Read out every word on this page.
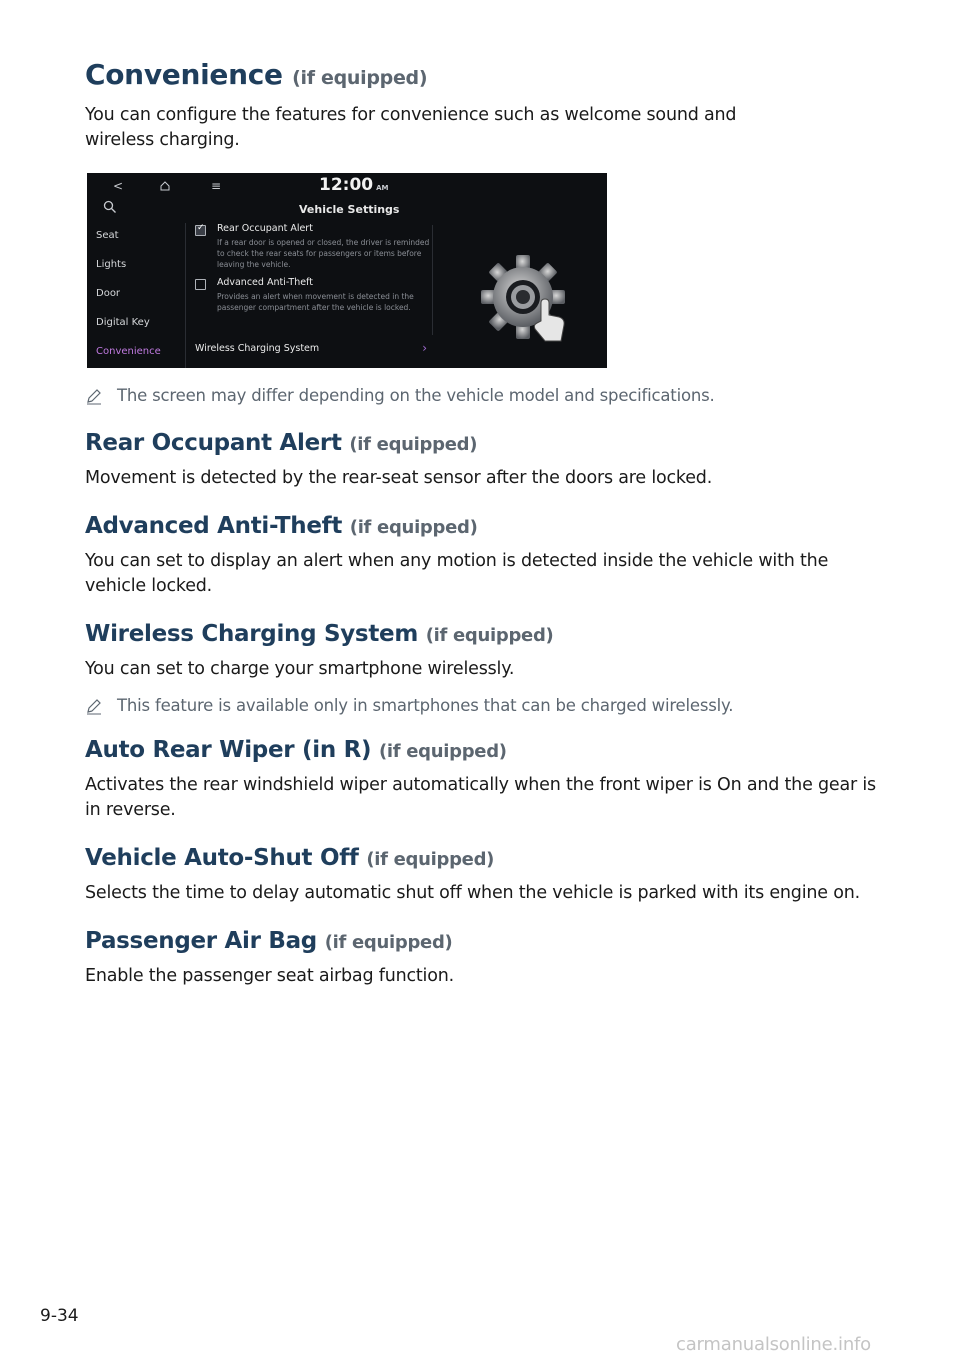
Convenience (if equipped)

You can configure the features for convenience such as welcome sound and wireless charging.

<	≡	12:00 AM
Vehicle Settings
Seat
Lights
Door
Digital Key
Convenience
✓
Rear Occupant Alert
If a rear door is opened or closed, the driver is reminded to check the rear seats for passengers or items before leaving the vehicle.
Advanced Anti-Theft
Provides an alert when movement is detected in the passenger compartment after the vehicle is locked.
Wireless Charging System	›
The screen may differ depending on the vehicle model and specifications.
Rear Occupant Alert (if equipped)

Movement is detected by the rear-seat sensor after the doors are locked.

Advanced Anti-Theft (if equipped)

You can set to display an alert when any motion is detected inside the vehicle with the vehicle locked.

Wireless Charging System (if equipped)

You can set to charge your smartphone wirelessly.

This feature is available only in smartphones that can be charged wirelessly.
Auto Rear Wiper (in R) (if equipped)

Activates the rear windshield wiper automatically when the front wiper is On and the gear is in reverse.

Vehicle Auto-Shut Off (if equipped)

Selects the time to delay automatic shut off when the vehicle is parked with its engine on.

Passenger Air Bag (if equipped)

Enable the passenger seat airbag function.

9-34
carmanualsonline.info
